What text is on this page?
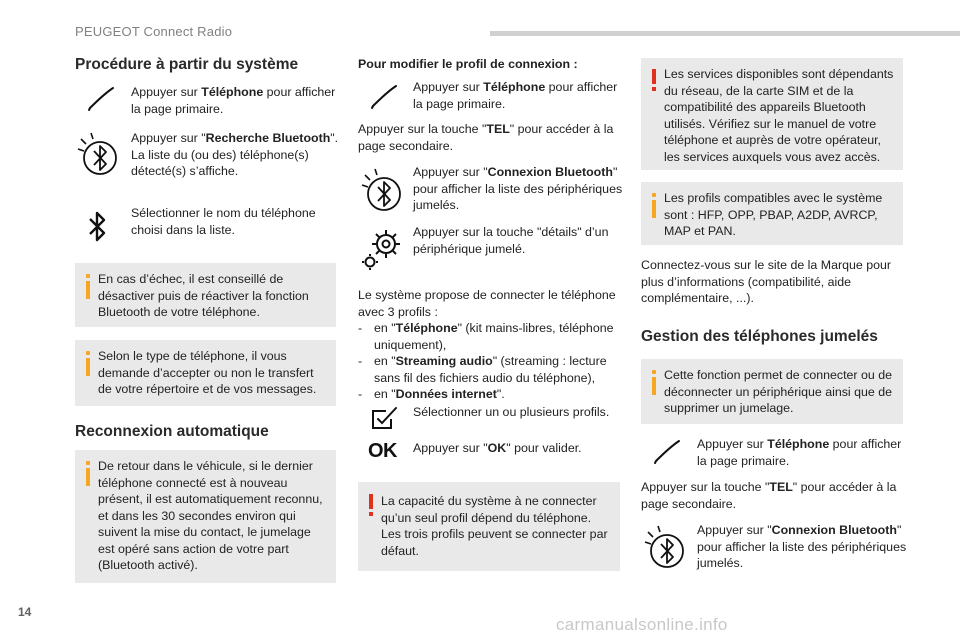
PEUGEOT Connect Radio
14
carmanualsonline.info
Procédure à partir du système
Appuyer sur Téléphone pour afficher la page primaire.
Appuyer sur "Recherche Bluetooth".
La liste du (ou des) téléphone(s) détecté(s) s’affiche.
Sélectionner le nom du téléphone choisi dans la liste.
En cas d’échec, il est conseillé de désactiver puis de réactiver la fonction Bluetooth de votre téléphone.
Selon le type de téléphone, il vous demande d’accepter ou non le transfert de votre répertoire et de vos messages.
Reconnexion automatique
De retour dans le véhicule, si le dernier téléphone connecté est à nouveau présent, il est automatiquement reconnu, et dans les 30 secondes environ qui suivent la mise du contact, le jumelage est opéré sans action de votre part (Bluetooth activé).
Pour modifier le profil de connexion :
Appuyer sur Téléphone pour afficher la page primaire.
Appuyer sur la touche "TEL" pour accéder à la page secondaire.
Appuyer sur "Connexion Bluetooth" pour afficher la liste des périphériques jumelés.
Appuyer sur la touche "détails" d’un périphérique jumelé.
Le système propose de connecter le téléphone avec 3 profils :
- en "Téléphone" (kit mains-libres, téléphone uniquement),
- en "Streaming audio" (streaming : lecture sans fil des fichiers audio du téléphone),
- en "Données internet".
Sélectionner un ou plusieurs profils.
OK Appuyer sur "OK" pour valider.
La capacité du système à ne connecter qu’un seul profil dépend du téléphone. Les trois profils peuvent se connecter par défaut.
Les services disponibles sont dépendants du réseau, de la carte SIM et de la compatibilité des appareils Bluetooth utilisés. Vérifiez sur le manuel de votre téléphone et auprès de votre opérateur, les services auxquels vous avez accès.
Les profils compatibles avec le système sont : HFP, OPP, PBAP, A2DP, AVRCP, MAP et PAN.
Connectez-vous sur le site de la Marque pour plus d’informations (compatibilité, aide complémentaire, ...).
Gestion des téléphones jumelés
Cette fonction permet de connecter ou de déconnecter un périphérique ainsi que de supprimer un jumelage.
Appuyer sur Téléphone pour afficher la page primaire.
Appuyer sur la touche "TEL" pour accéder à la page secondaire.
Appuyer sur "Connexion Bluetooth" pour afficher la liste des périphériques jumelés.
